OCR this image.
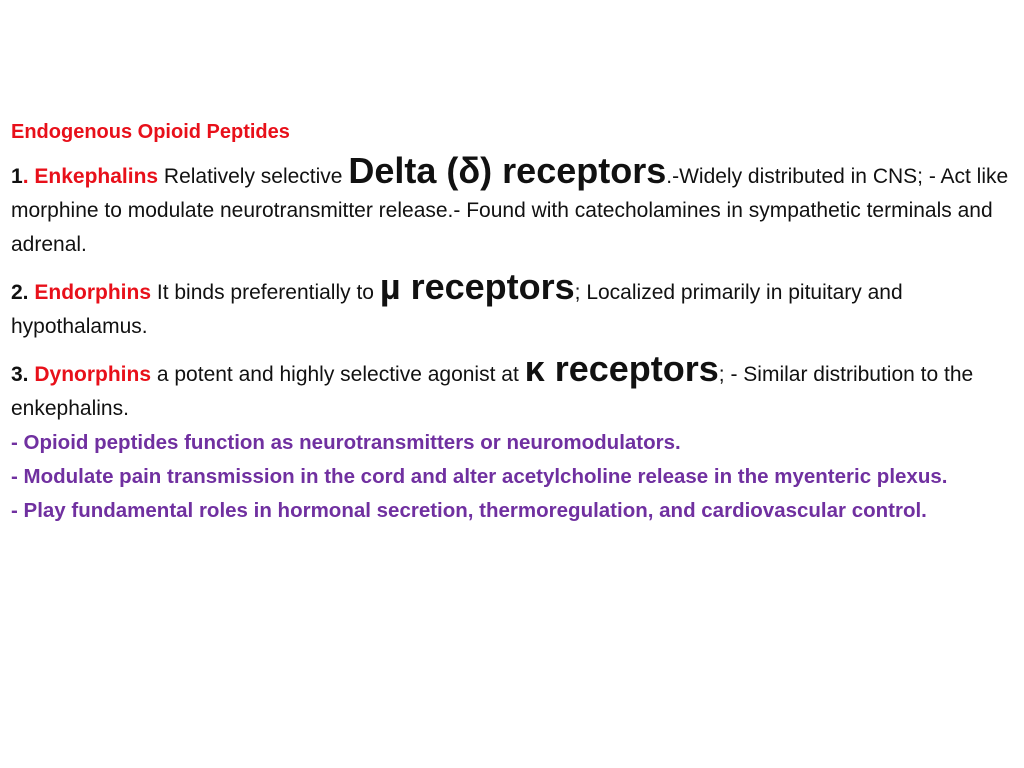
Endogenous Opioid Peptides

1. Enkephalins Relatively selective Delta (δ) receptors.-Widely distributed in CNS; - Act like morphine to modulate neurotransmitter release.- Found with catecholamines in sympathetic terminals and adrenal.

2. Endorphins It binds preferentially to µ receptors; Localized primarily in pituitary and hypothalamus.

3. Dynorphins a potent and highly selective agonist at κ receptors; - Similar distribution to the enkephalins.

- Opioid peptides function as neurotransmitters or neuromodulators.
- Modulate pain transmission in the cord and alter acetylcholine release in the myenteric plexus.
- Play fundamental roles in hormonal secretion, thermoregulation, and cardiovascular control.
